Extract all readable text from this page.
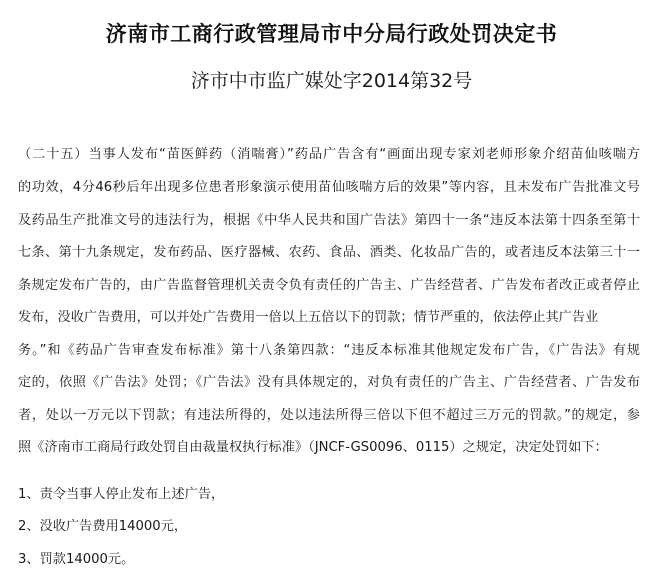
济南市工商行政管理局市中分局行政处罚决定书
济市中市监广媒处字2014第32号
（二十五）当事人发布“苗医鲜药（消喘膏）”药品广告含有“画面出现专家刘老师形象介绍苗仙咳喘方
的功效，4分46秒后年出现多位患者形象演示使用苗仙咳喘方后的效果”等内容，且未发布广告批准文号
及药品生产批准文号的违法行为，根据《中华人民共和国广告法》第四十一条“违反本法第十四条至第十
七条、第十九条规定，发布药品、医疗器械、农药、食品、酒类、化妆品广告的，或者违反本法第三十一
条规定发布广告的，由广告监督管理机关责令负有责任的广告主、广告经营者、广告发布者改正或者停止
发布，没收广告费用，可以并处广告费用一倍以上五倍以下的罚款；情节严重的，依法停止其广告业
务。”和《药品广告审查发布标准》第十八条第四款：“违反本标准其他规定发布广告，《广告法》有规
定的，依照《广告法》处罚；《广告法》没有具体规定的，对负有责任的广告主、广告经营者、广告发布
者，处以一万元以下罚款；有违法所得的，处以违法所得三倍以下但不超过三万元的罚款。”的规定，参
照《济南市工商局行政处罚自由裁量权执行标准》（JNCF-GS0096、0115）之规定，决定处罚如下：
1、责令当事人停止发布上述广告，
2、没收广告费用14000元，
3、罚款14000元。
